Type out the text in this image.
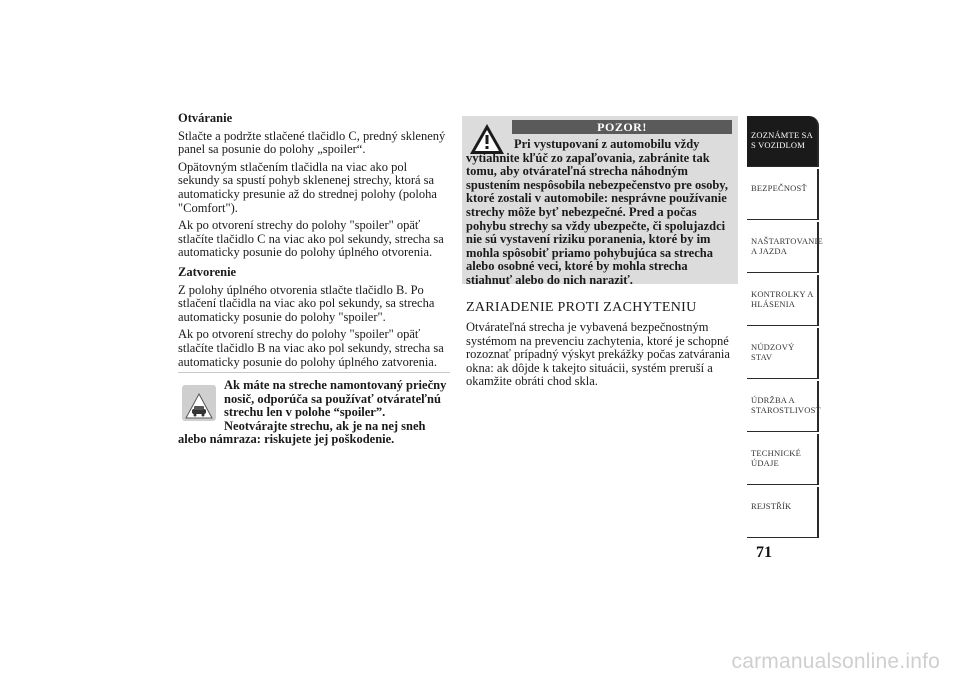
Otváranie

Stlačte a podržte stlačené tlačidlo C, predný sklenený panel sa posunie do polohy „spoiler“.

Opätovným stlačením tlačidla na viac ako pol sekundy sa spustí pohyb sklenenej strechy, ktorá sa automaticky presunie až do strednej polohy (poloha "Comfort").

Ak po otvorení strechy do polohy "spoiler" opäť stlačíte tlačidlo C na viac ako pol sekundy, strecha sa automaticky posunie do polohy úplného otvorenia.

Zatvorenie

Z polohy úplného otvorenia stlačte tlačidlo B. Po stlačení tlačidla na viac ako pol sekundy, sa strecha automaticky posunie do polohy "spoiler".

Ak po otvorení strechy do polohy "spoiler" opäť stlačíte tlačidlo B na viac ako pol sekundy, strecha sa automaticky posunie do polohy úplného zatvorenia.

Ak máte na streche namontovaný priečny nosič, odporúča sa používať otvárateľnú strechu len v polohe “spoiler”. Neotvárajte strechu, ak je na nej sneh alebo námraza: riskujete jej poškodenie.
POZOR!
Pri vystupovaní z automobilu vždy vytiahnite kľúč zo zapaľovania, zabránite tak tomu, aby otvárateľná strecha náhodným spustením nespôsobila nebezpečenstvo pre osoby, ktoré zostali v automobile: nesprávne používanie strechy môže byť nebezpečné. Pred a počas pohybu strechy sa vždy ubezpečte, či spolujazdci nie sú vystavení riziku poranenia, ktoré by im mohla spôsobiť priamo pohybujúca sa strecha alebo osobné veci, ktoré by mohla strecha stiahnuť alebo do nich naraziť.
ZARIADENIE PROTI ZACHYTENIU

Otvárateľná strecha je vybavená bezpečnostným systémom na prevenciu zachytenia, ktoré je schopné rozoznať prípadný výskyt prekážky počas zatvárania okna: ak dôjde k takejto situácii, systém preruší a okamžite obráti chod skla.

ZOZNÁMTE SA S VOZIDLOM
BEZPEČNOSŤ
NAŠTARTOVANIE A JAZDA
KONTROLKY A HLÁSENIA
NÚDZOVÝ STAV
ÚDRŽBA A STAROSTLIVOSŤ
TECHNICKÉ ÚDAJE
REJSTŘÍK
71
carmanualsonline.info
